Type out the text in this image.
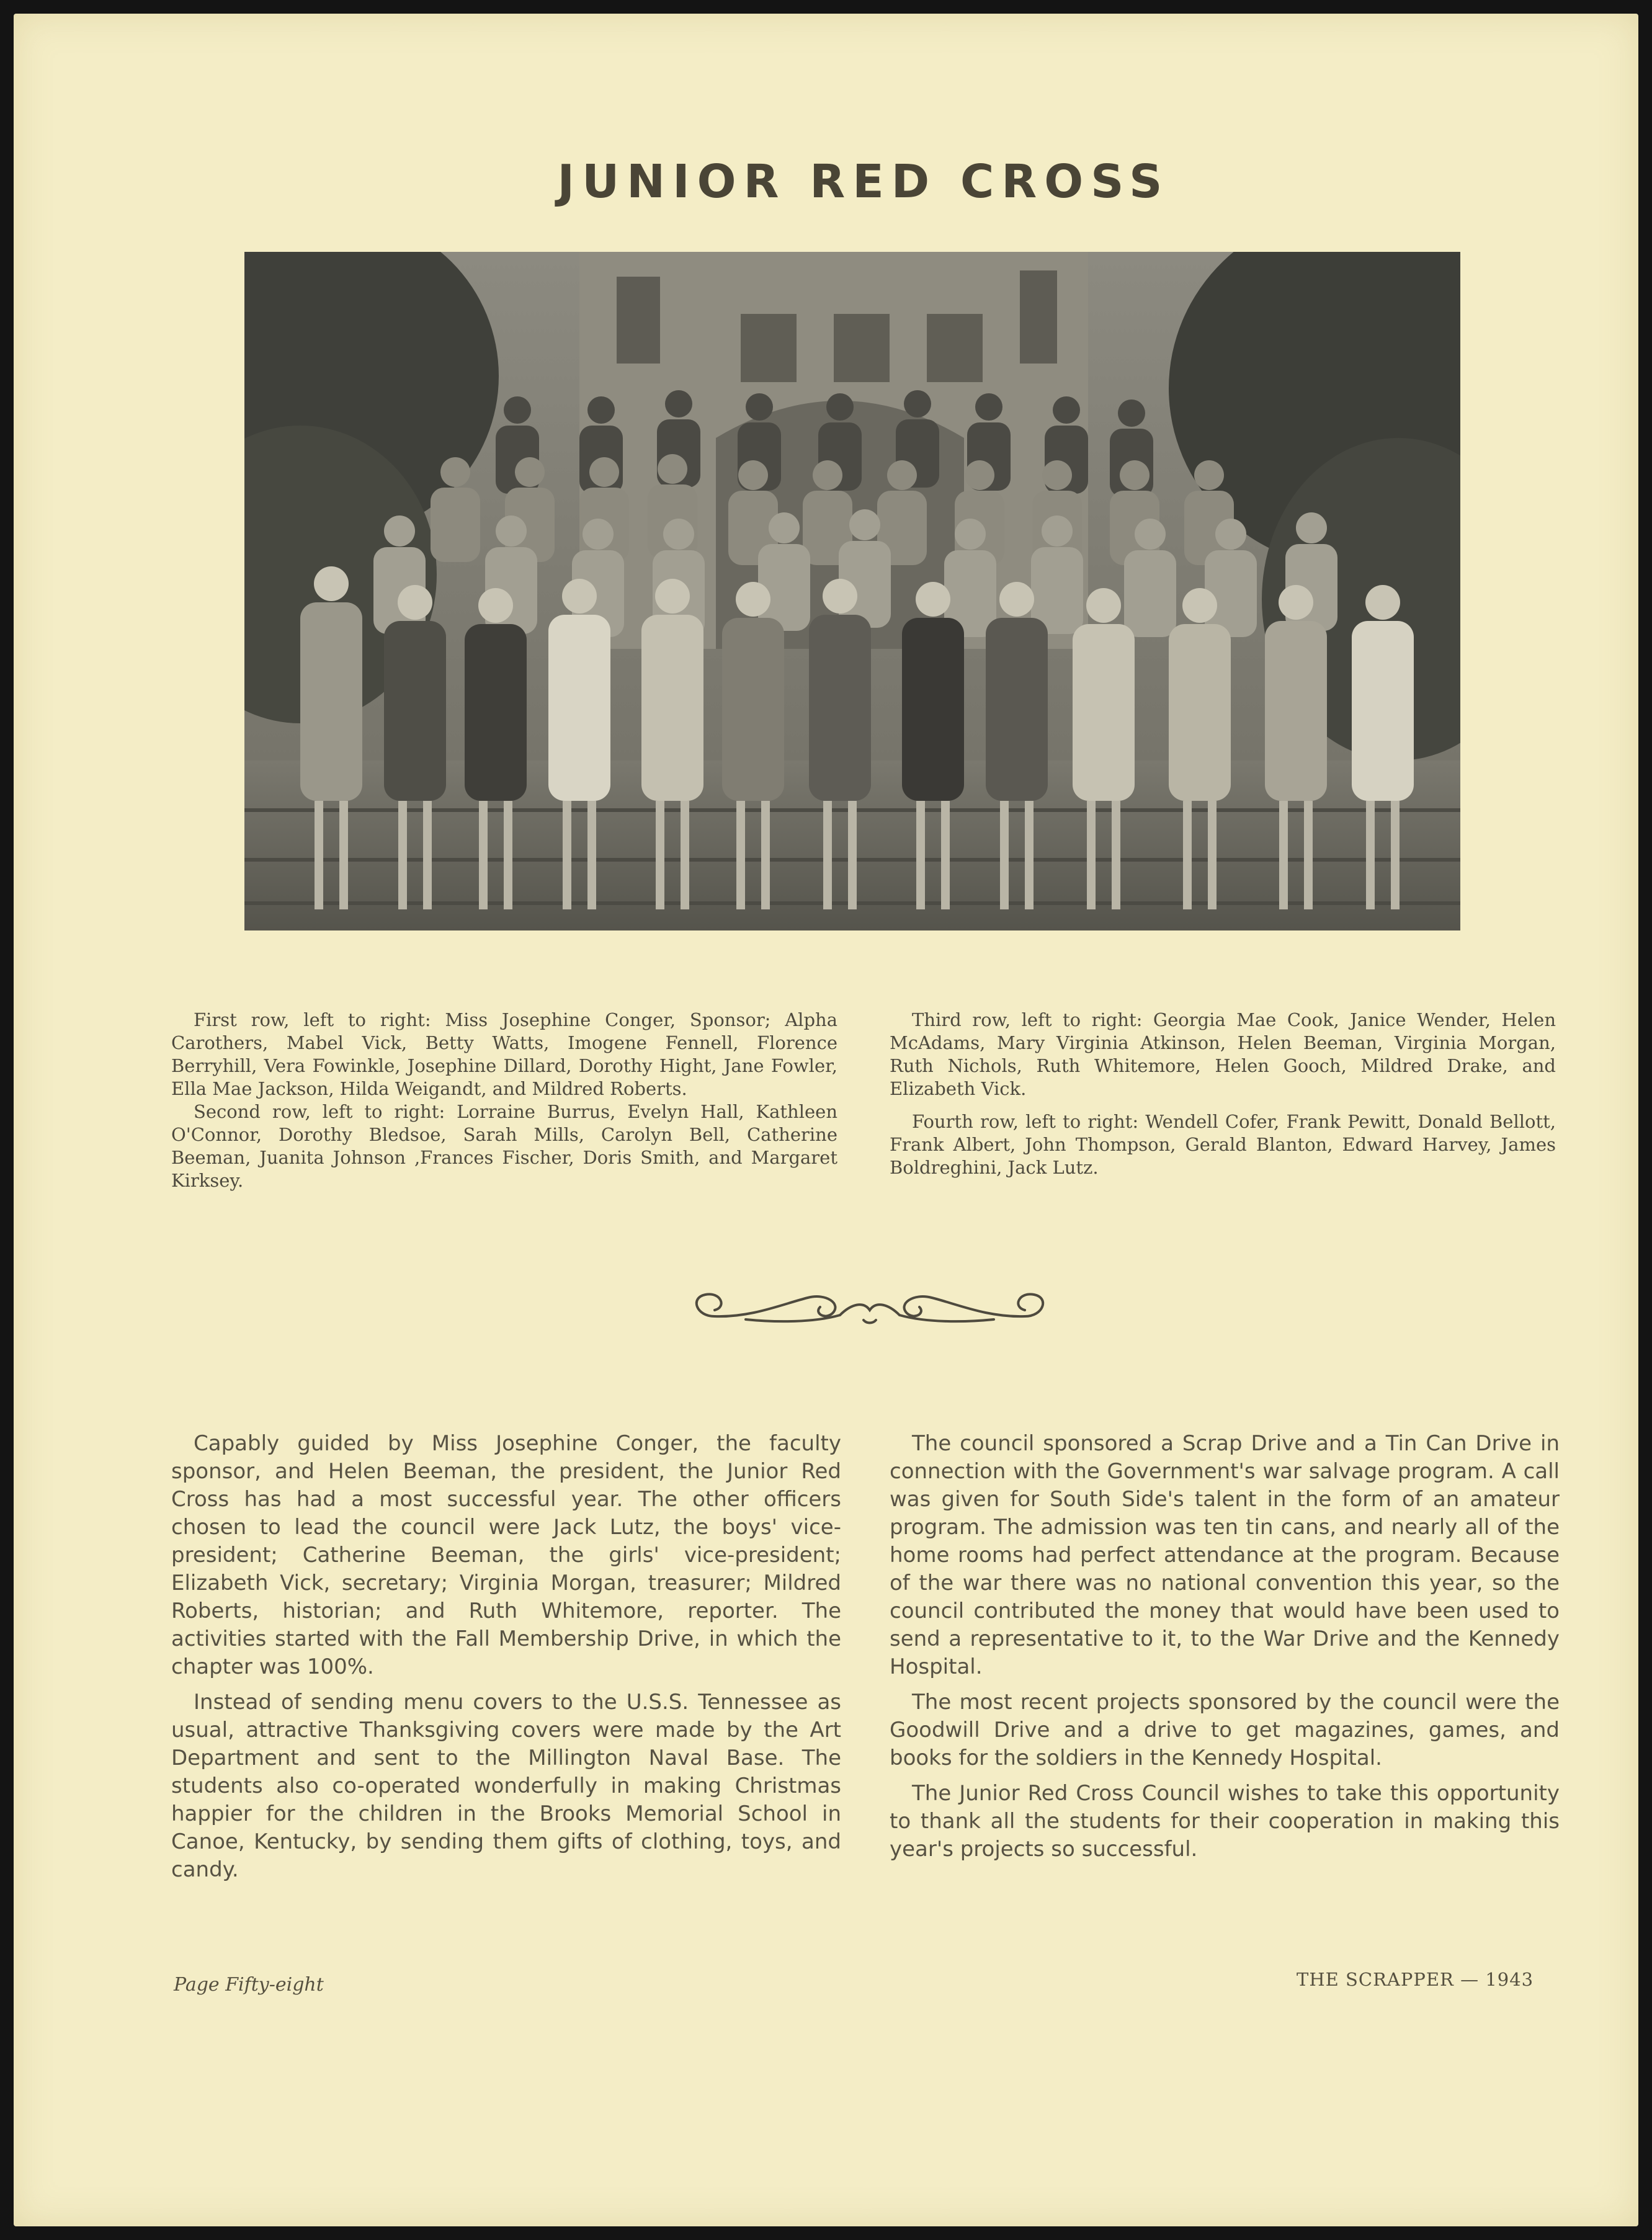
JUNIOR RED CROSS

First row, left to right: Miss Josephine Conger, Sponsor; Alpha Carothers, Mabel Vick, Betty Watts, Imogene Fennell, Florence Berryhill, Vera Fowinkle, Josephine Dillard, Dorothy Hight, Jane Fowler, Ella Mae Jackson, Hilda Weigandt, and Mildred Roberts.

Second row, left to right: Lorraine Burrus, Evelyn Hall, Kathleen O'Connor, Dorothy Bledsoe, Sarah Mills, Carolyn Bell, Catherine Beeman, Juanita Johnson ,Frances Fischer, Doris Smith, and Margaret Kirksey.

Third row, left to right: Georgia Mae Cook, Janice Wender, Helen McAdams, Mary Virginia Atkinson, Helen Beeman, Virginia Morgan, Ruth Nichols, Ruth Whitemore, Helen Gooch, Mildred Drake, and Elizabeth Vick.

Fourth row, left to right: Wendell Cofer, Frank Pewitt, Donald Bellott, Frank Albert, John Thompson, Gerald Blanton, Edward Harvey, James Boldreghini, Jack Lutz.

Capably guided by Miss Josephine Conger, the faculty sponsor, and Helen Beeman, the president, the Junior Red Cross has had a most successful year. The other officers chosen to lead the council were Jack Lutz, the boys' vice-president; Catherine Beeman, the girls' vice-president; Elizabeth Vick, secretary; Virginia Morgan, treasurer; Mildred Roberts, historian; and Ruth Whitemore, reporter. The activities started with the Fall Membership Drive, in which the chapter was 100%.

Instead of sending menu covers to the U.S.S. Tennessee as usual, attractive Thanksgiving covers were made by the Art Department and sent to the Millington Naval Base. The students also co-operated wonderfully in making Christmas happier for the children in the Brooks Memorial School in Canoe, Kentucky, by sending them gifts of clothing, toys, and candy.

The council sponsored a Scrap Drive and a Tin Can Drive in connection with the Government's war salvage program. A call was given for South Side's talent in the form of an amateur program. The admission was ten tin cans, and nearly all of the home rooms had perfect attendance at the program. Because of the war there was no national convention this year, so the council contributed the money that would have been used to send a representative to it, to the War Drive and the Kennedy Hospital.

The most recent projects sponsored by the council were the Goodwill Drive and a drive to get magazines, games, and books for the soldiers in the Kennedy Hospital.

The Junior Red Cross Council wishes to take this opportunity to thank all the students for their cooperation in making this year's projects so successful.

Page Fifty-eight	THE SCRAPPER — 1943
